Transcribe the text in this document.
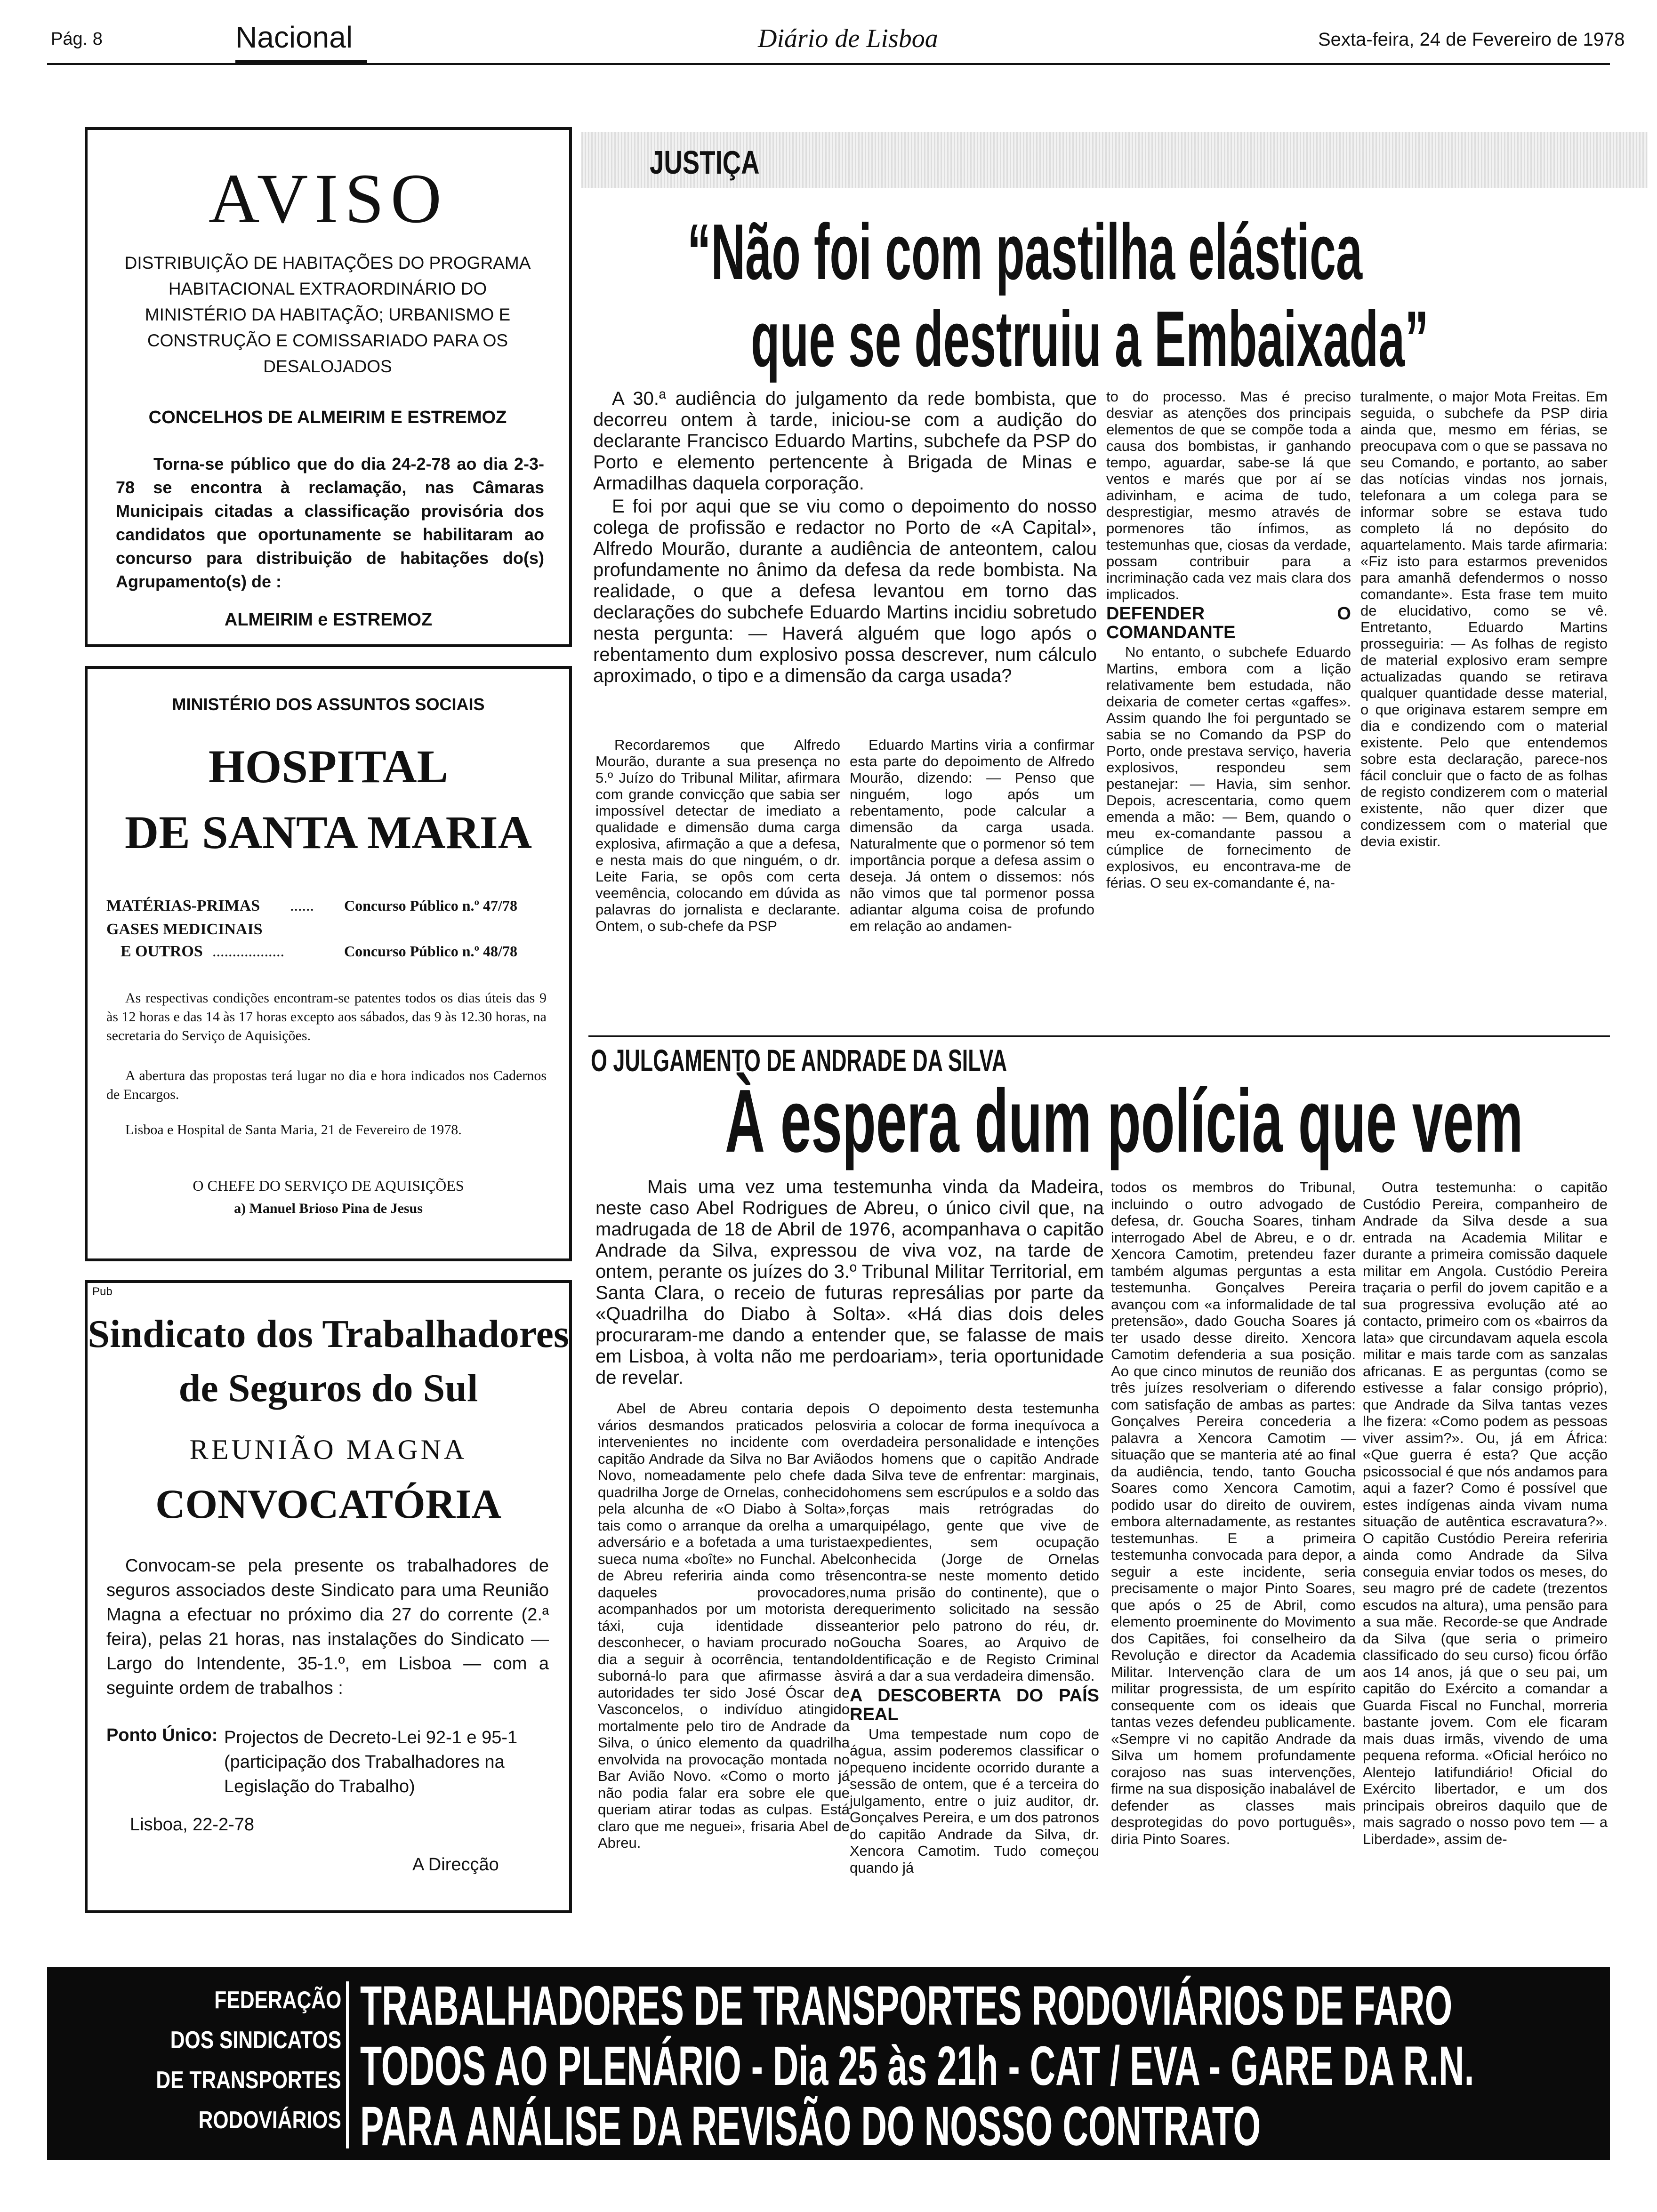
Pág. 8	Nacional	Diário de Lisboa	Sexta-feira, 24 de Fevereiro de 1978
AVISO
DISTRIBUIÇÃO DE HABITAÇÕES DO PROGRAMA HABITACIONAL EXTRAORDINÁRIO DO MINISTÉRIO DA HABITAÇÃO; URBANISMO E CONSTRUÇÃO E COMISSARIADO PARA OS DESALOJADOS
CONCELHOS DE ALMEIRIM E ESTREMOZ
Torna-se público que do dia 24-2-78 ao dia 2-3-78 se encontra à reclamação, nas Câmaras Municipais citadas a classificação provisória dos candidatos que oportunamente se habilitaram ao concurso para distribuição de habitações do(s) Agrupamento(s) de :
ALMEIRIM e ESTREMOZ
MINISTÉRIO DOS ASSUNTOS SOCIAIS
HOSPITAL
DE SANTA MARIA
MATÉRIAS-PRIMAS ...... Concurso Público n.º 47/78
GASES MEDICINAIS
E OUTROS ..................	Concurso Público n.º 48/78
As respectivas condições encontram-se patentes todos os dias úteis das 9 às 12 horas e das 14 às 17 horas excepto aos sábados, das 9 às 12.30 horas, na secretaria do Serviço de Aquisições.
A abertura das propostas terá lugar no dia e hora indicados nos Cadernos de Encargos.
Lisboa e Hospital de Santa Maria, 21 de Fevereiro de 1978.
O CHEFE DO SERVIÇO DE AQUISIÇÕES
a) Manuel Brioso Pina de Jesus
Pub
Sindicato dos Trabalhadores
de Seguros do Sul
REUNIÃO MAGNA
CONVOCATÓRIA
Convocam-se pela presente os trabalhadores de seguros associados deste Sindicato para uma Reunião Magna a efectuar no próximo dia 27 do corrente (2.ª feira), pelas 21 horas, nas instalações do Sindicato — Largo do Intendente, 35-1.º, em Lisboa — com a seguinte ordem de trabalhos :
Ponto Único: Projectos de Decreto-Lei 92-1 e 95-1 (participação dos Trabalhadores na Legislação do Trabalho)
Lisboa, 22-2-78
A Direcção
JUSTIÇA
“Não foi com pastilha elástica
que se destruiu a Embaixada”

A 30.ª audiência do julgamento da rede bombista, que decorreu ontem à tarde, iniciou-se com a audição do declarante Francisco Eduardo Martins, subchefe da PSP do Porto e elemento pertencente à Brigada de Minas e Armadilhas daquela corporação.

E foi por aqui que se viu como o depoimento do nosso colega de profissão e redactor no Porto de «A Capital», Alfredo Mourão, durante a audiência de anteontem, calou profundamente no ânimo da defesa da rede bombista. Na realidade, o que a defesa levantou em torno das declarações do subchefe Eduardo Martins incidiu sobretudo nesta pergunta: — Haverá alguém que logo após o rebentamento dum explosivo possa descrever, num cálculo aproximado, o tipo e a dimensão da carga usada?

Recordaremos que Alfredo Mourão, durante a sua presença no 5.º Juízo do Tribunal Militar, afirmara com grande convicção que sabia ser impossível detectar de imediato a qualidade e dimensão duma carga explosiva, afirmação a que a defesa, e nesta mais do que ninguém, o dr. Leite Faria, se opôs com certa veemência, colocando em dúvida as palavras do jornalista e declarante. Ontem, o sub-chefe da PSP

Eduardo Martins viria a confirmar esta parte do depoimento de Alfredo Mourão, dizendo: — Penso que ninguém, logo após um rebentamento, pode calcular a dimensão da carga usada. Naturalmente que o pormenor só tem importância porque a defesa assim o deseja. Já ontem o dissemos: nós não vimos que tal pormenor possa adiantar alguma coisa de profundo em relação ao andamen-

to do processo. Mas é preciso desviar as atenções dos principais elementos de que se compõe toda a causa dos bombistas, ir ganhando tempo, aguardar, sabe-se lá que ventos e marés que por aí se adivinham, e acima de tudo, desprestigiar, mesmo através de pormenores tão ínfimos, as testemunhas que, ciosas da verdade, possam contribuir para a incriminação cada vez mais clara dos implicados.

DEFENDER O COMANDANTE

No entanto, o subchefe Eduardo Martins, embora com a lição relativamente bem estudada, não deixaria de cometer certas «gaffes». Assim quando lhe foi perguntado se sabia se no Comando da PSP do Porto, onde prestava serviço, haveria explosivos, respondeu sem pestanejar: — Havia, sim senhor. Depois, acrescentaria, como quem emenda a mão: — Bem, quando o meu ex-comandante passou a cúmplice de fornecimento de explosivos, eu encontrava-me de férias. O seu ex-comandante é, na-

turalmente, o major Mota Freitas. Em seguida, o subchefe da PSP diria ainda que, mesmo em férias, se preocupava com o que se passava no seu Comando, e portanto, ao saber das notícias vindas nos jornais, telefonara a um colega para se informar sobre se estava tudo completo lá no depósito do aquartelamento. Mais tarde afirmaria: «Fiz isto para estarmos prevenidos para amanhã defendermos o nosso comandante». Esta frase tem muito de elucidativo, como se vê. Entretanto, Eduardo Martins prosseguiria: — As folhas de registo de material explosivo eram sempre actualizadas quando se retirava qualquer quantidade desse material, o que originava estarem sempre em dia e condizendo com o material existente. Pelo que entendemos sobre esta declaração, parece-nos fácil concluir que o facto de as folhas de registo condizerem com o material existente, não quer dizer que condizessem com o material que devia existir.

O JULGAMENTO DE ANDRADE DA SILVA
À espera dum polícia que vem

Mais uma vez uma testemunha vinda da Madeira, neste caso Abel Rodrigues de Abreu, o único civil que, na madrugada de 18 de Abril de 1976, acompanhava o capitão Andrade da Silva, expressou de viva voz, na tarde de ontem, perante os juízes do 3.º Tribunal Militar Territorial, em Santa Clara, o receio de futuras represálias por parte da «Quadrilha do Diabo à Solta». «Há dias dois deles procuraram-me dando a entender que, se falasse de mais em Lisboa, à volta não me perdoariam», teria oportunidade de revelar.

Abel de Abreu contaria depois vários desmandos praticados pelos intervenientes no incidente com o capitão Andrade da Silva no Bar Avião Novo, nomeadamente pelo chefe da quadrilha Jorge de Ornelas, conhecido pela alcunha de «O Diabo à Solta», tais como o arranque da orelha a um adversário e a bofetada a uma turista sueca numa «boîte» no Funchal. Abel de Abreu referiria ainda como três daqueles provocadores, acompanhados por um motorista de táxi, cuja identidade disse desconhecer, o haviam procurado no dia a seguir à ocorrência, tentando suborná-lo para que afirmasse às autoridades ter sido José Óscar de Vasconcelos, o indivíduo atingido mortalmente pelo tiro de Andrade da Silva, o único elemento da quadrilha envolvida na provocação montada no Bar Avião Novo. «Como o morto já não podia falar era sobre ele que queriam atirar todas as culpas. Está claro que me neguei», frisaria Abel de Abreu.

O depoimento desta testemunha viria a colocar de forma inequívoca a verdadeira personalidade e intenções dos homens que o capitão Andrade da Silva teve de enfrentar: marginais, homens sem escrúpulos e a soldo das forças mais retrógradas do arquipélago, gente que vive de expedientes, sem ocupação conhecida (Jorge de Ornelas encontra-se neste momento detido numa prisão do continente), que o requerimento solicitado na sessão anterior pelo patrono do réu, dr. Goucha Soares, ao Arquivo de Identificação e de Registo Criminal virá a dar a sua verdadeira dimensão.

A DESCOBERTA DO PAÍS REAL

Uma tempestade num copo de água, assim poderemos classificar o pequeno incidente ocorrido durante a sessão de ontem, que é a terceira do julgamento, entre o juiz auditor, dr. Gonçalves Pereira, e um dos patronos do capitão Andrade da Silva, dr. Xencora Camotim. Tudo começou quando já

todos os membros do Tribunal, incluindo o outro advogado de defesa, dr. Goucha Soares, tinham interrogado Abel de Abreu, e o dr. Xencora Camotim, pretendeu fazer também algumas perguntas a esta testemunha. Gonçalves Pereira avançou com «a informalidade de tal pretensão», dado Goucha Soares já ter usado desse direito. Xencora Camotim defenderia a sua posição. Ao que cinco minutos de reunião dos três juízes resolveriam o diferendo com satisfação de ambas as partes: Gonçalves Pereira concederia a palavra a Xencora Camotim — situação que se manteria até ao final da audiência, tendo, tanto Goucha Soares como Xencora Camotim, podido usar do direito de ouvirem, embora alternadamente, as restantes testemunhas. E a primeira testemunha convocada para depor, a seguir a este incidente, seria precisamente o major Pinto Soares, que após o 25 de Abril, como elemento proeminente do Movimento dos Capitães, foi conselheiro da Revolução e director da Academia Militar. Intervenção clara de um militar progressista, de um espírito consequente com os ideais que tantas vezes defendeu publicamente. «Sempre vi no capitão Andrade da Silva um homem profundamente corajoso nas suas intervenções, firme na sua disposição inabalável de defender as classes mais desprotegidas do povo português», diria Pinto Soares.

Outra testemunha: o capitão Custódio Pereira, companheiro de Andrade da Silva desde a sua entrada na Academia Militar e durante a primeira comissão daquele militar em Angola. Custódio Pereira traçaria o perfil do jovem capitão e a sua progressiva evolução até ao contacto, primeiro com os «bairros da lata» que circundavam aquela escola militar e mais tarde com as sanzalas africanas. E as perguntas (como se estivesse a falar consigo próprio), que Andrade da Silva tantas vezes lhe fizera: «Como podem as pessoas viver assim?». Ou, já em África: «Que guerra é esta? Que acção psicossocial é que nós andamos para aqui a fazer? Como é possível que estes indígenas ainda vivam numa situação de autêntica escravatura?». O capitão Custódio Pereira referiria ainda como Andrade da Silva conseguia enviar todos os meses, do seu magro pré de cadete (trezentos escudos na altura), uma pensão para a sua mãe. Recorde-se que Andrade da Silva (que seria o primeiro classificado do seu curso) ficou órfão aos 14 anos, já que o seu pai, um capitão do Exército a comandar a Guarda Fiscal no Funchal, morreria bastante jovem. Com ele ficaram mais duas irmãs, vivendo de uma pequena reforma. «Oficial heróico no Alentejo latifundiário! Oficial do Exército libertador, e um dos principais obreiros daquilo que de mais sagrado o nosso povo tem — a Liberdade», assim de-

FEDERAÇÃO
DOS SINDICATOS
DE TRANSPORTES
RODOVIÁRIOS
TRABALHADORES DE TRANSPORTES RODOVIÁRIOS DE FARO
TODOS AO PLENÁRIO - Dia 25 às 21h - CAT / EVA - GARE DA R.N.
PARA ANÁLISE DA REVISÃO DO NOSSO CONTRATO
